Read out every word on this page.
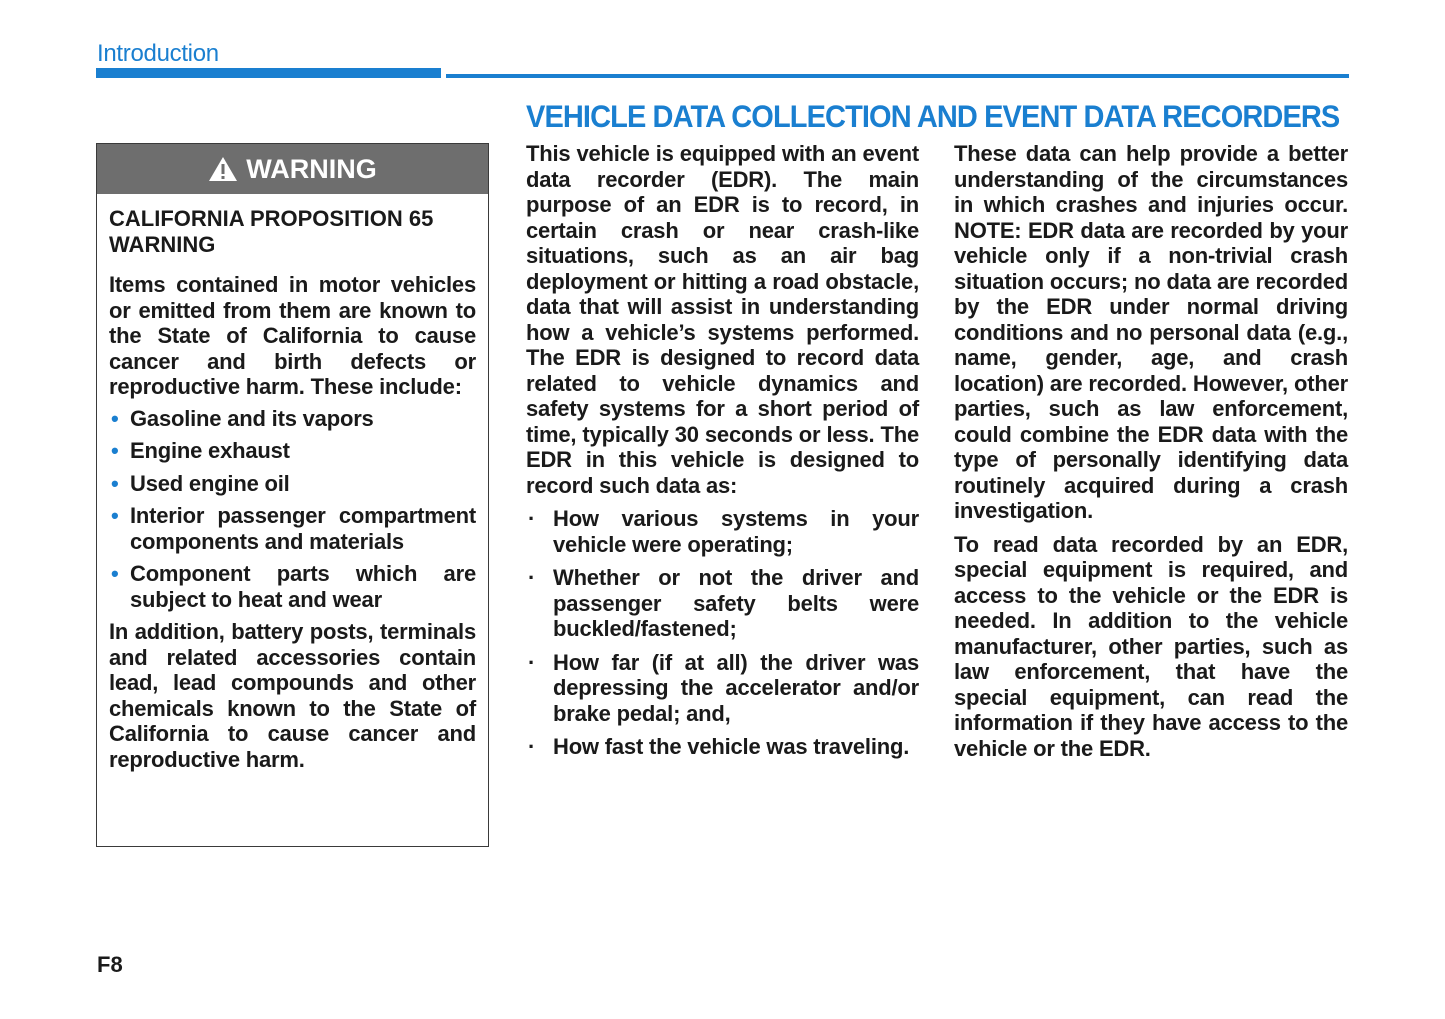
Introduction
VEHICLE DATA COLLECTION AND EVENT DATA RECORDERS
WARNING
CALIFORNIA PROPOSITION 65 WARNING

Items contained in motor vehicles or emitted from them are known to the State of California to cause cancer and birth defects or reproductive harm. These include:

• Gasoline and its vapors
• Engine exhaust
• Used engine oil
• Interior passenger compartment components and materials
• Component parts which are subject to heat and wear

In addition, battery posts, terminals and related accessories contain lead, lead compounds and other chemicals known to the State of California to cause cancer and reproductive harm.

This vehicle is equipped with an event data recorder (EDR). The main purpose of an EDR is to record, in certain crash or near crash-like situations, such as an air bag deployment or hitting a road obstacle, data that will assist in understanding how a vehicle’s systems performed. The EDR is designed to record data related to vehicle dynamics and safety systems for a short period of time, typically 30 seconds or less. The EDR in this vehicle is designed to record such data as:

· How various systems in your vehicle were operating;
· Whether or not the driver and passenger safety belts were buckled/fastened;
· How far (if at all) the driver was depressing the accelerator and/or brake pedal; and,
· How fast the vehicle was traveling.

These data can help provide a better understanding of the circumstances in which crashes and injuries occur. NOTE: EDR data are recorded by your vehicle only if a non-trivial crash situation occurs; no data are recorded by the EDR under normal driving conditions and no personal data (e.g., name, gender, age, and crash location) are recorded. However, other parties, such as law enforcement, could combine the EDR data with the type of personally identifying data routinely acquired during a crash investigation.

To read data recorded by an EDR, special equipment is required, and access to the vehicle or the EDR is needed. In addition to the vehicle manufacturer, other parties, such as law enforcement, that have the special equipment, can read the information if they have access to the vehicle or the EDR.

F8
